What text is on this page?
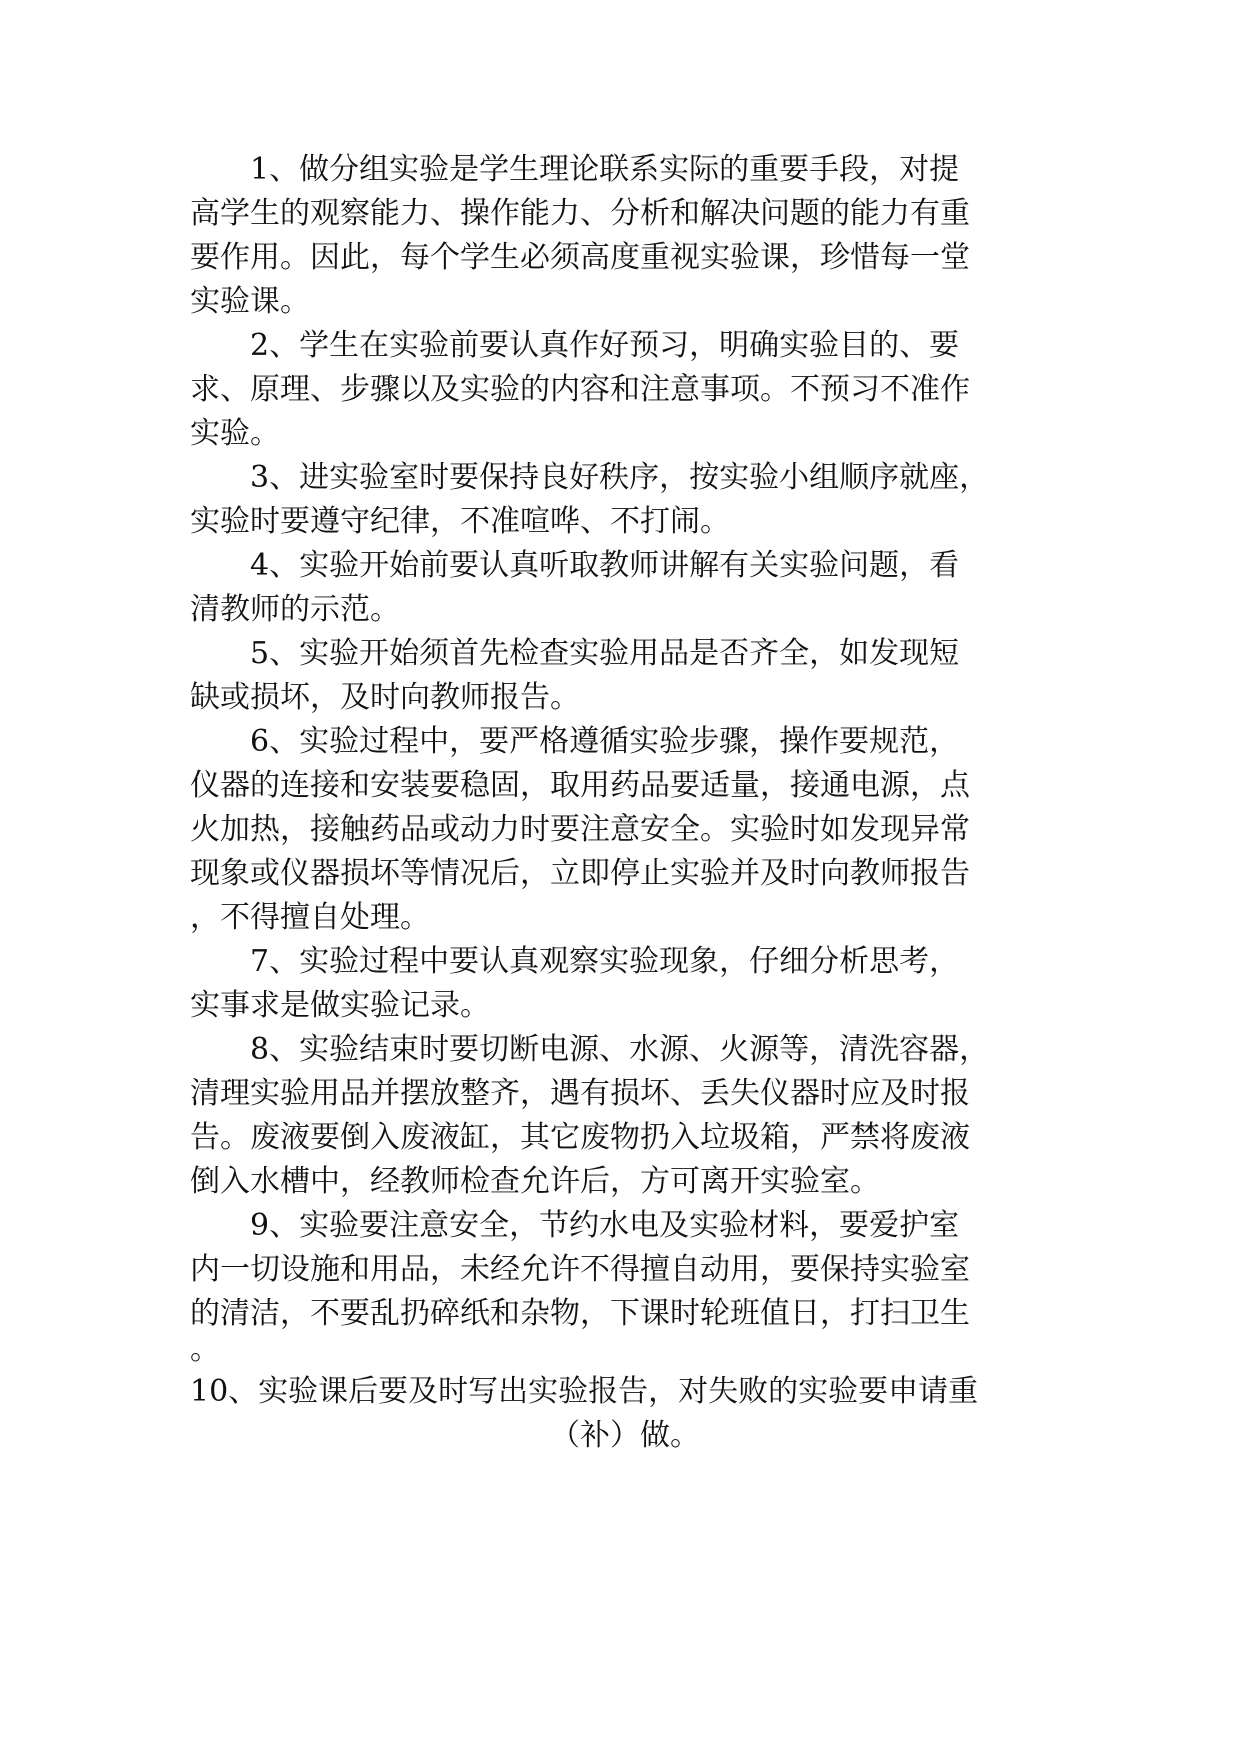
1、做分组实验是学生理论联系实际的重要手段，对提
高学生的观察能力、操作能力、分析和解决问题的能力有重
要作用。因此，每个学生必须高度重视实验课，珍惜每一堂
实验课。
2、学生在实验前要认真作好预习，明确实验目的、要
求、原理、步骤以及实验的内容和注意事项。不预习不准作
实验。
3、进实验室时要保持良好秩序，按实验小组顺序就座，
实验时要遵守纪律，不准喧哗、不打闹。
4、实验开始前要认真听取教师讲解有关实验问题，看
清教师的示范。
5、实验开始须首先检查实验用品是否齐全，如发现短
缺或损坏，及时向教师报告。
6、实验过程中，要严格遵循实验步骤，操作要规范，
仪器的连接和安装要稳固，取用药品要适量，接通电源，点
火加热，接触药品或动力时要注意安全。实验时如发现异常
现象或仪器损坏等情况后，立即停止实验并及时向教师报告
，不得擅自处理。
7、实验过程中要认真观察实验现象，仔细分析思考，
实事求是做实验记录。
8、实验结束时要切断电源、水源、火源等，清洗容器，
清理实验用品并摆放整齐，遇有损坏、丢失仪器时应及时报
告。废液要倒入废液缸，其它废物扔入垃圾箱，严禁将废液
倒入水槽中，经教师检查允许后，方可离开实验室。
9、实验要注意安全，节约水电及实验材料，要爱护室
内一切设施和用品，未经允许不得擅自动用，要保持实验室
的清洁，不要乱扔碎纸和杂物，下课时轮班值日，打扫卫生
。
10、实验课后要及时写出实验报告，对失败的实验要申请重
（补）做。
